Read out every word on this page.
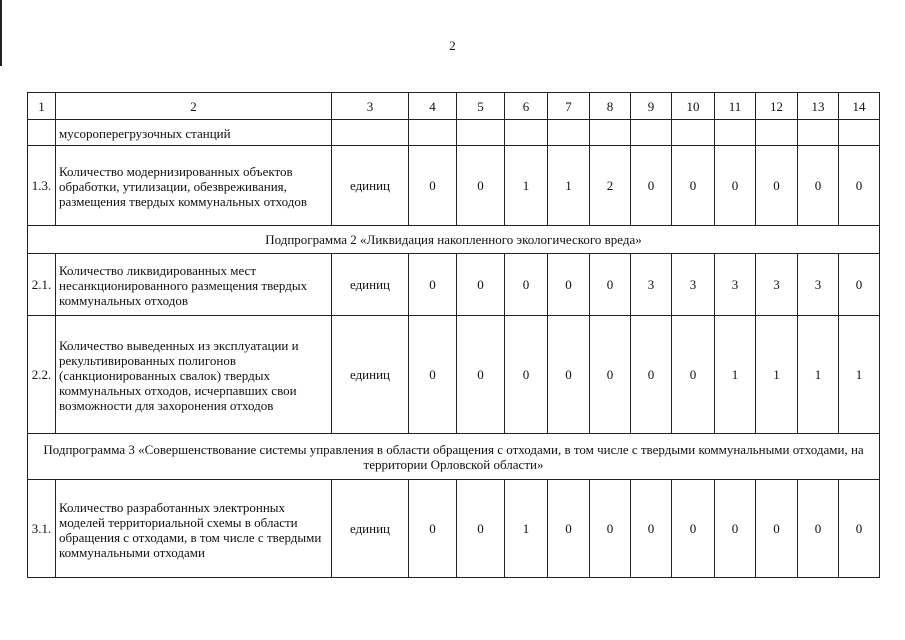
2
1	2	3	4	5	6	7	8	9	10	11	12	13	14
	мусороперегрузочных станций												
1.3.	Количество модернизированных объектов обработки, утилизации, обезвреживания, размещения твердых коммунальных отходов	единиц	0	0	1	1	2	0	0	0	0	0	0
Подпрограмма 2 «Ликвидация накопленного экологического вреда»													
2.1.	Количество ликвидированных мест несанкционированного размещения твердых коммунальных отходов	единиц	0	0	0	0	0	3	3	3	3	3	0
2.2.	Количество выведенных из эксплуатации и рекультивированных полигонов (санкционированных свалок) твердых коммунальных отходов, исчерпавших свои возможности для захоронения отходов	единиц	0	0	0	0	0	0	0	1	1	1	1
Подпрограмма 3 «Совершенствование системы управления в области обращения с отходами, в том числе с твердыми коммунальными отходами, на территории Орловской области»													
3.1.	Количество разработанных электронных моделей территориальной схемы в области обращения с отходами, в том числе с твердыми коммунальными отходами	единиц	0	0	1	0	0	0	0	0	0	0	0
